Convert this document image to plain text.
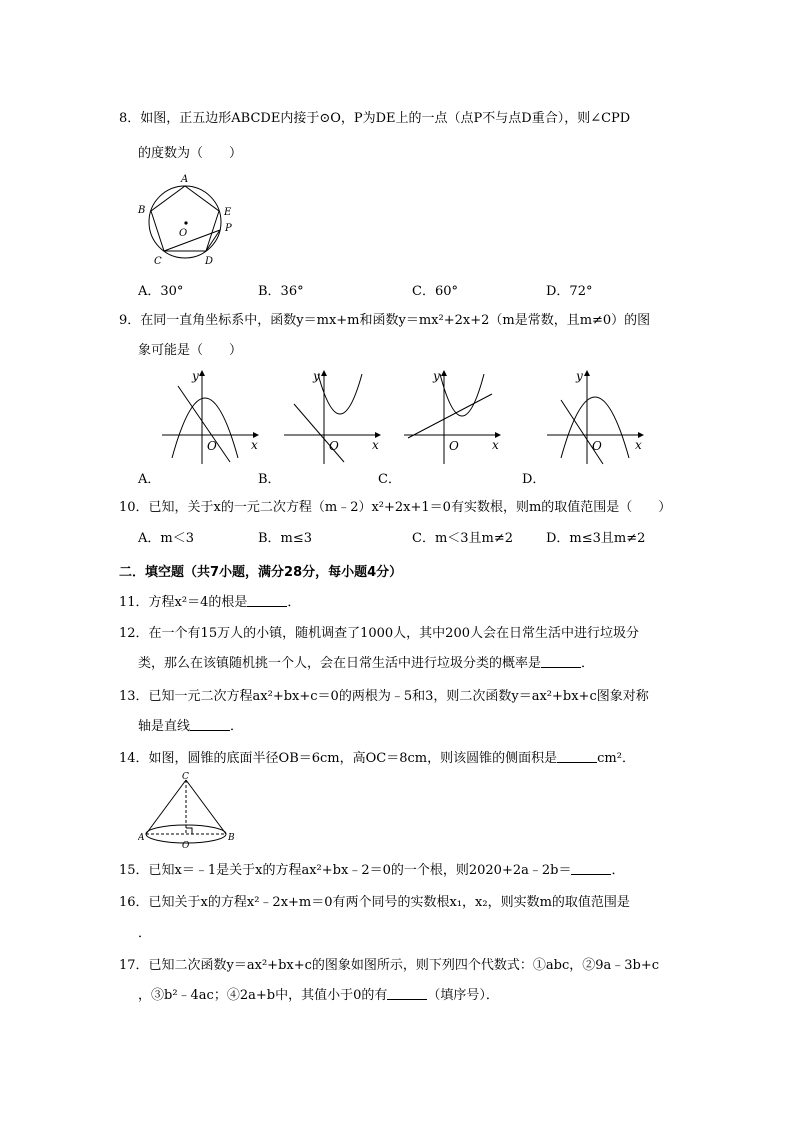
8．如图，正五边形ABCDE内接于⊙O，P为DE上的一点（点P不与点D重合），则∠CPD
的度数为（　　）
A
B
C	D
E
P
O
A．30°	B．36°	C．60°	D．72°
9．在同一直角坐标系中，函数y＝mx+m和函数y＝mx²+2x+2（m是常数，且m≠0）的图
象可能是（　　）
y
O	x
A．
y
O	x
B．
y
O	x
C．
y
O	x
D．
10．已知，关于x的一元二次方程（m﹣2）x²+2x+1＝0有实数根，则m的取值范围是（　　）
A．m＜3	B．m≤3	C．m＜3且m≠2	D．m≤3且m≠2
二．填空题（共7小题，满分28分，每小题4分）
11．方程x²＝4的根是	．
12．在一个有15万人的小镇，随机调查了1000人，其中200人会在日常生活中进行垃圾分
类，那么在该镇随机挑一个人，会在日常生活中进行垃圾分类的概率是	．
13．已知一元二次方程ax²+bx+c＝0的两根为﹣5和3，则二次函数y＝ax²+bx+c图象对称
轴是直线	．
14．如图，圆锥的底面半径OB＝6cm，高OC＝8cm，则该圆锥的侧面积是	cm²．
C
A	B
O
15．已知x＝﹣1是关于x的方程ax²+bx﹣2＝0的一个根，则2020+2a﹣2b＝	．
16．已知关于x的方程x²﹣2x+m＝0有两个同号的实数根x₁，x₂，则实数m的取值范围是
．
17．已知二次函数y＝ax²+bx+c的图象如图所示，则下列四个代数式：①abc，②9a﹣3b+c
，③b²﹣4ac；④2a+b中，其值小于0的有	（填序号）．
